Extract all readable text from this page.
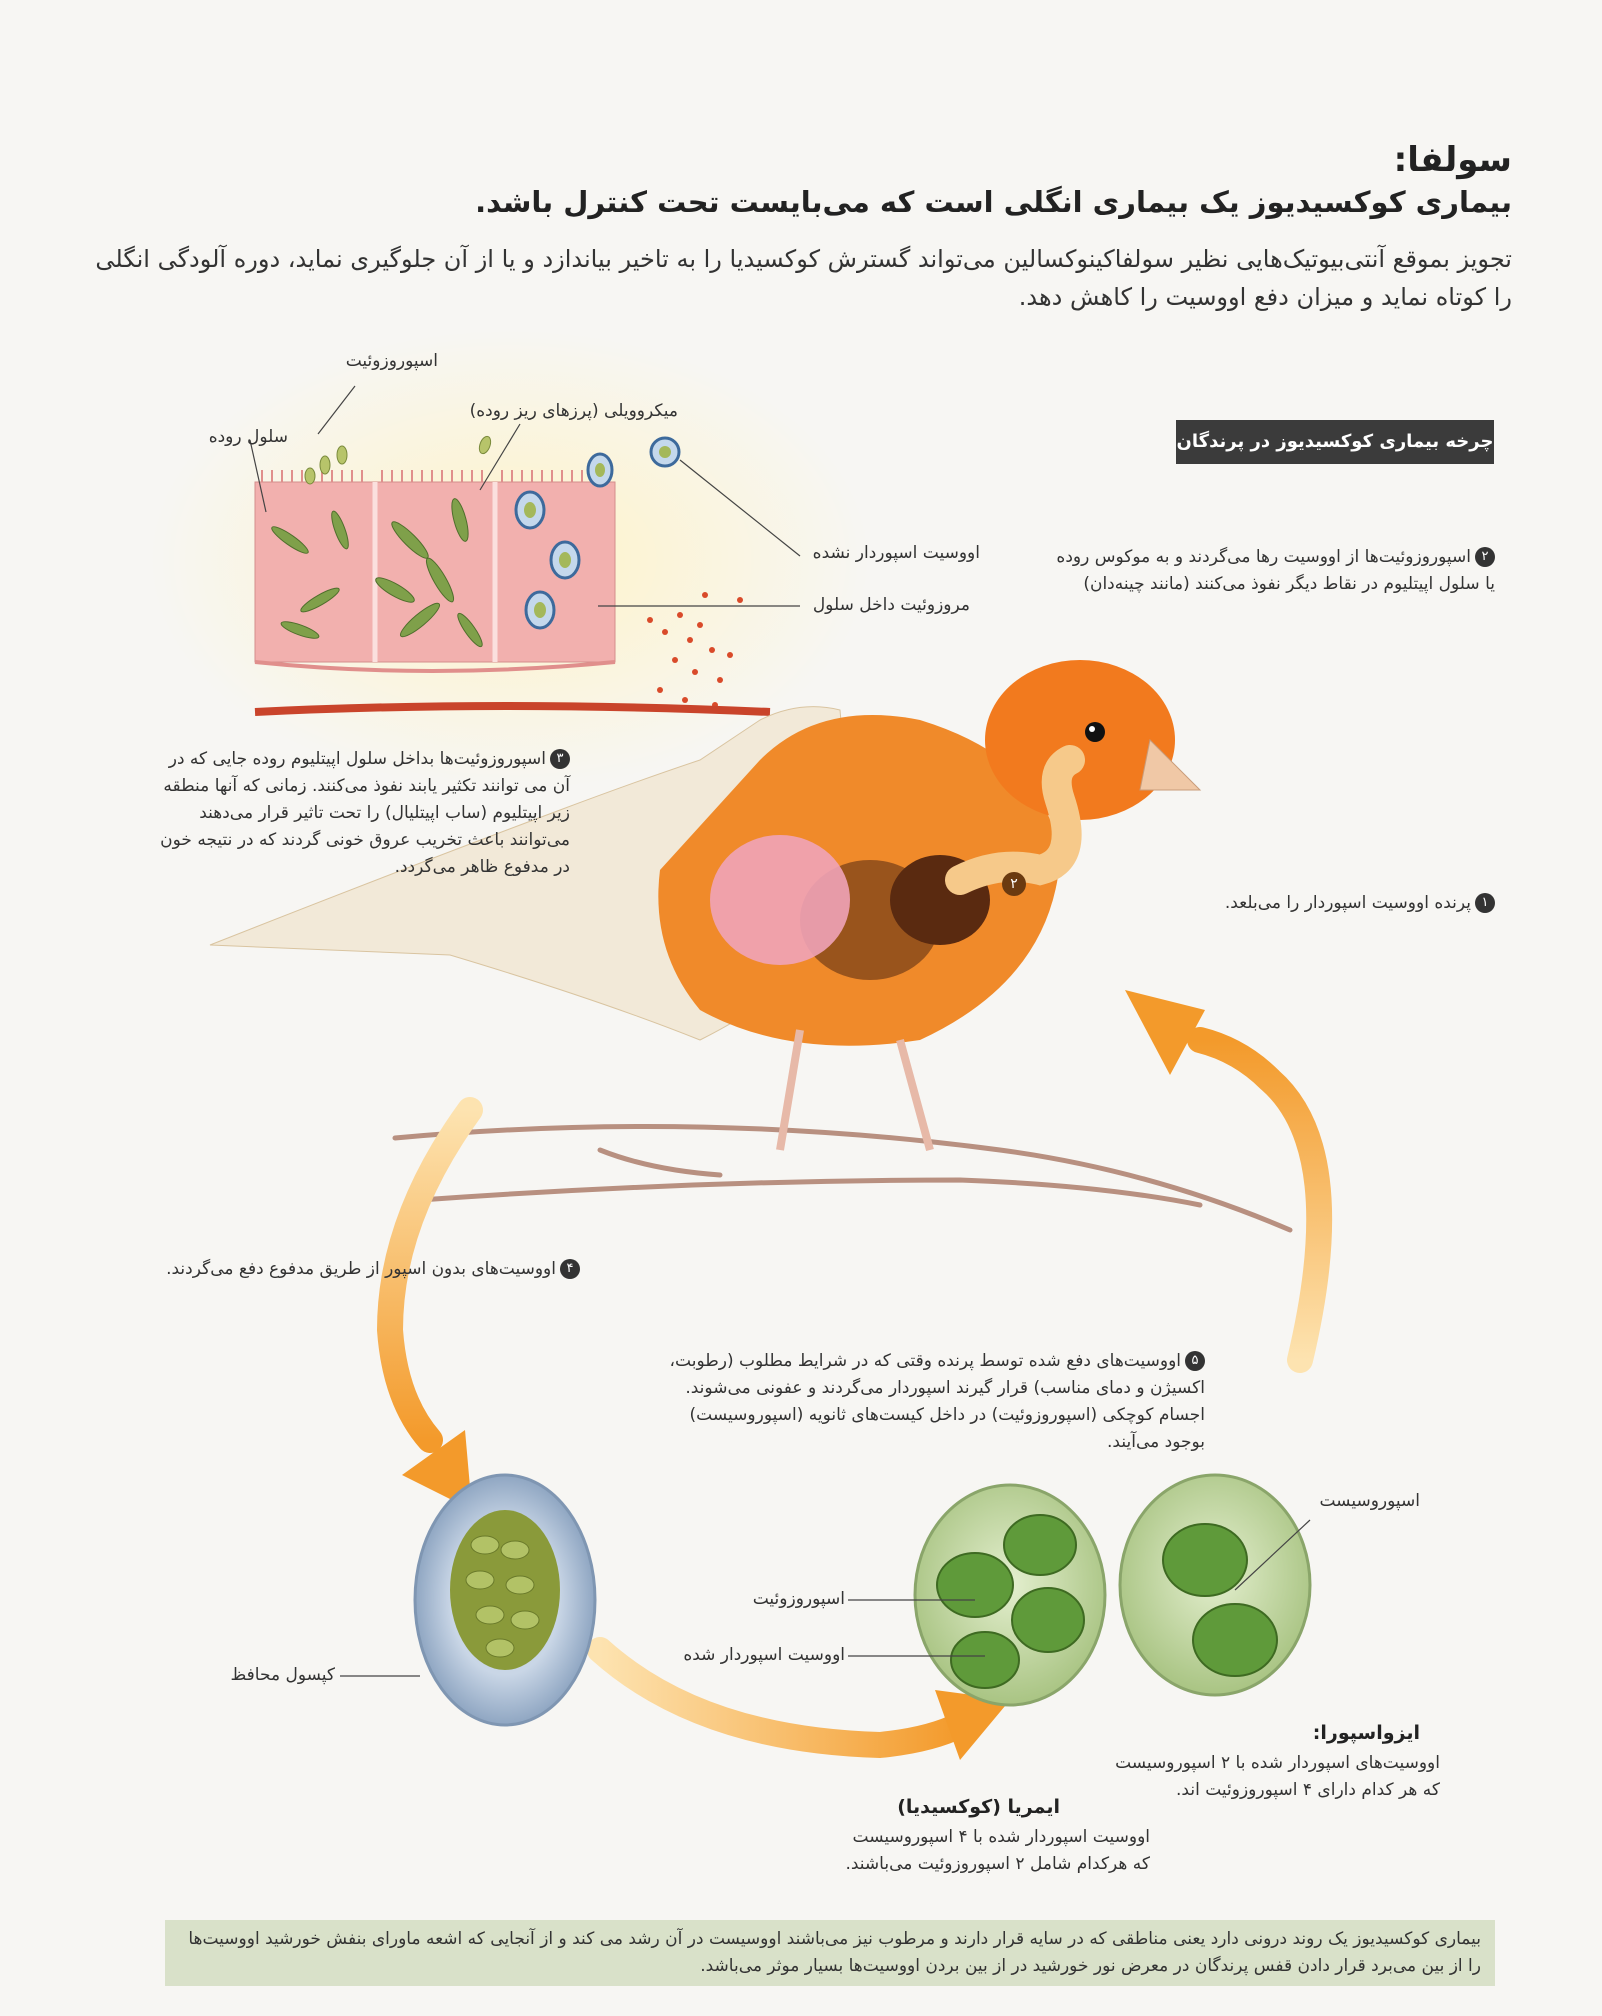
سولفا:
بیماری کوکسیدیوز یک بیماری انگلی است که می‌بایست تحت کنترل باشد.
تجویز بموقع آنتی‌بیوتیک‌هایی نظیر سولفاکینوکسالین می‌تواند گسترش کوکسیدیا را به تاخیر بیاندازد و یا از آن جلوگیری نماید، دوره آلودگی انگلی را کوتاه نماید و میزان دفع اووسیت را کاهش دهد.
چرخه بیماری کوکسیدیوز در پرندگان
اسپوروزوئیت
سلول روده
میکروویلی (پرزهای ریز روده)
اووسیت اسپوردار نشده
مروزوئیت داخل سلول
۲اسپوروزوئیت‌ها از اووسیت رها می‌گردند و به موکوس روده یا سلول اپیتلیوم در نقاط دیگر نفوذ می‌کنند (مانند چینه‌دان)
۳اسپوروزوئیت‌ها بداخل سلول اپیتلیوم روده جایی که در آن می توانند تکثیر یابند نفوذ می‌کنند. زمانی که آنها منطقه زیر اپیتلیوم (ساب اپیتلیال) را تحت تاثیر قرار می‌دهند می‌توانند باعث تخریب عروق خونی گردند که در نتیجه خون در مدفوع ظاهر می‌گردد.
۱پرنده اووسیت اسپوردار را می‌بلعد.
۴اووسیت‌های بدون اسپور از طریق مدفوع دفع می‌گردند.
۵اووسیت‌های دفع شده توسط پرنده وقتی که در شرایط مطلوب (رطوبت، اکسیژن و دمای مناسب) قرار گیرند اسپوردار می‌گردند و عفونی می‌شوند. اجسام کوچکی (اسپوروزوئیت) در داخل کیست‌های ثانویه (اسپوروسیست) بوجود می‌آیند.
۲
کپسول محافظ
اسپوروزوئیت
اووسیت اسپوردار شده
اسپوروسیست
ایمریا (کوکسیدیا)
اووسیت اسپوردار شده با ۴ اسپوروسیست که هرکدام شامل ۲ اسپوروزوئیت می‌باشند.
ایزواسپورا:
اووسیت‌های اسپوردار شده با ۲ اسپوروسیست که هر کدام دارای ۴ اسپوروزوئیت اند.
بیماری کوکسیدیوز یک روند درونی دارد یعنی مناطقی که در سایه قرار دارند و مرطوب نیز می‌باشند اووسیست در آن رشد می کند و از آنجایی که اشعه ماورای بنفش خورشید اووسیت‌ها را از بین می‌برد قرار دادن قفس پرندگان در معرض نور خورشید در از بین بردن اووسیت‌ها بسیار موثر می‌باشد.
